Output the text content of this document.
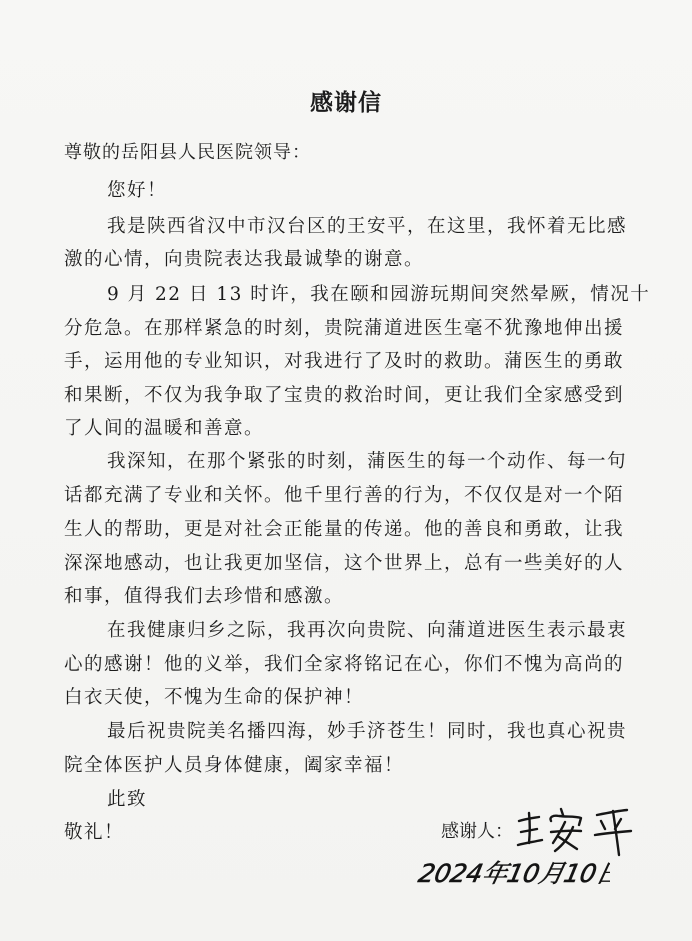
感谢信
尊敬的岳阳县人民医院领导：
您好！
我是陕西省汉中市汉台区的王安平，在这里，我怀着无比感
激的心情，向贵院表达我最诚挚的谢意。
9 月 22 日 13 时许，我在颐和园游玩期间突然晕厥，情况十
分危急。在那样紧急的时刻，贵院蒲道进医生毫不犹豫地伸出援
手，运用他的专业知识，对我进行了及时的救助。蒲医生的勇敢
和果断，不仅为我争取了宝贵的救治时间，更让我们全家感受到
了人间的温暖和善意。
我深知，在那个紧张的时刻，蒲医生的每一个动作、每一句
话都充满了专业和关怀。他千里行善的行为，不仅仅是对一个陌
生人的帮助，更是对社会正能量的传递。他的善良和勇敢，让我
深深地感动，也让我更加坚信，这个世界上，总有一些美好的人
和事，值得我们去珍惜和感激。
在我健康归乡之际，我再次向贵院、向蒲道进医生表示最衷
心的感谢！他的义举，我们全家将铭记在心，你们不愧为高尚的
白衣天使，不愧为生命的保护神！
最后祝贵院美名播四海，妙手济苍生！同时，我也真心祝贵
院全体医护人员身体健康，阖家幸福！
此致
敬礼！	感谢人：
2024年10月10日
